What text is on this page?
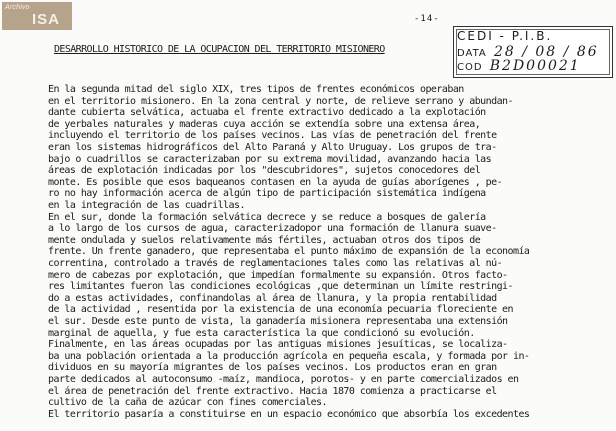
Archivo
ISA	-14-
CEDI - P.I.B.
DATA 28 / 08 / 86
COD B2D00021
DESARROLLO HISTORICO DE LA OCUPACION DEL TERRITORIO MISIONERO
En la segunda mitad del siglo XIX, tres tipos de frentes económicos operaban
en el territorio misionero. En la zona central y norte, de relieve serrano y abundan-
dante cubierta selvática, actuaba el frente extractivo dedicado a la explotación
de yerbales naturales y maderas cuya acción se extendía sobre una extensa área,
incluyendo el territorio de los países vecinos. Las vías de penetración del frente
eran los sistemas hidrográficos del Alto Paraná y Alto Uruguay. Los grupos de tra-
bajo o cuadrillos se caracterizaban por su extrema movilidad, avanzando hacia las
áreas de explotación indicadas por los "descubridores", sujetos conocedores del
monte. Es posible que esos baqueanos contasen en la ayuda de guías aborígenes , pe-
ro no hay información acerca de algún tipo de participación sistemática indígena
en la integración de las cuadrillas.
En el sur, donde la formación selvática decrece y se reduce a bosques de galería
a lo largo de los cursos de agua, caracterizadopor una formación de llanura suave-
mente ondulada y suelos relativamente más fértiles, actuaban otros dos tipos de
frente. Un frente ganadero, que representaba el punto máximo de expansión de la economía
correntina, controlado a través de reglamentaciones tales como las relativas al nú-
mero de cabezas por explotación, que impedían formalmente su expansión. Otros facto-
res limitantes fueron las condiciones ecológicas ,que determinan un límite restringi-
do a estas actividades, confinandolas al área de llanura, y la propia rentabilidad
de la actividad , resentida por la existencia de una economía pecuaria floreciente en
el sur. Desde este punto de vista, la ganadería misionera representaba una extensión
marginal de aquella, y fue esta característica la que condicionó su evolución.
Finalmente, en las áreas ocupadas por las antiguas misiones jesuíticas, se localiza-
ba una población orientada a la producción agrícola en pequeña escala, y formada por in-
dividuos en su mayoría migrantes de los países vecinos. Los productos eran en gran
parte dedicados al autoconsumo -maíz, mandioca, porotos- y en parte comercializados en
el área de penetración del frente extractivo. Hacia 1870 comienza a practicarse el
cultivo de la caña de azúcar con fines comerciales.
El territorio pasaría a constituirse en un espacio económico que absorbía los excedentes
